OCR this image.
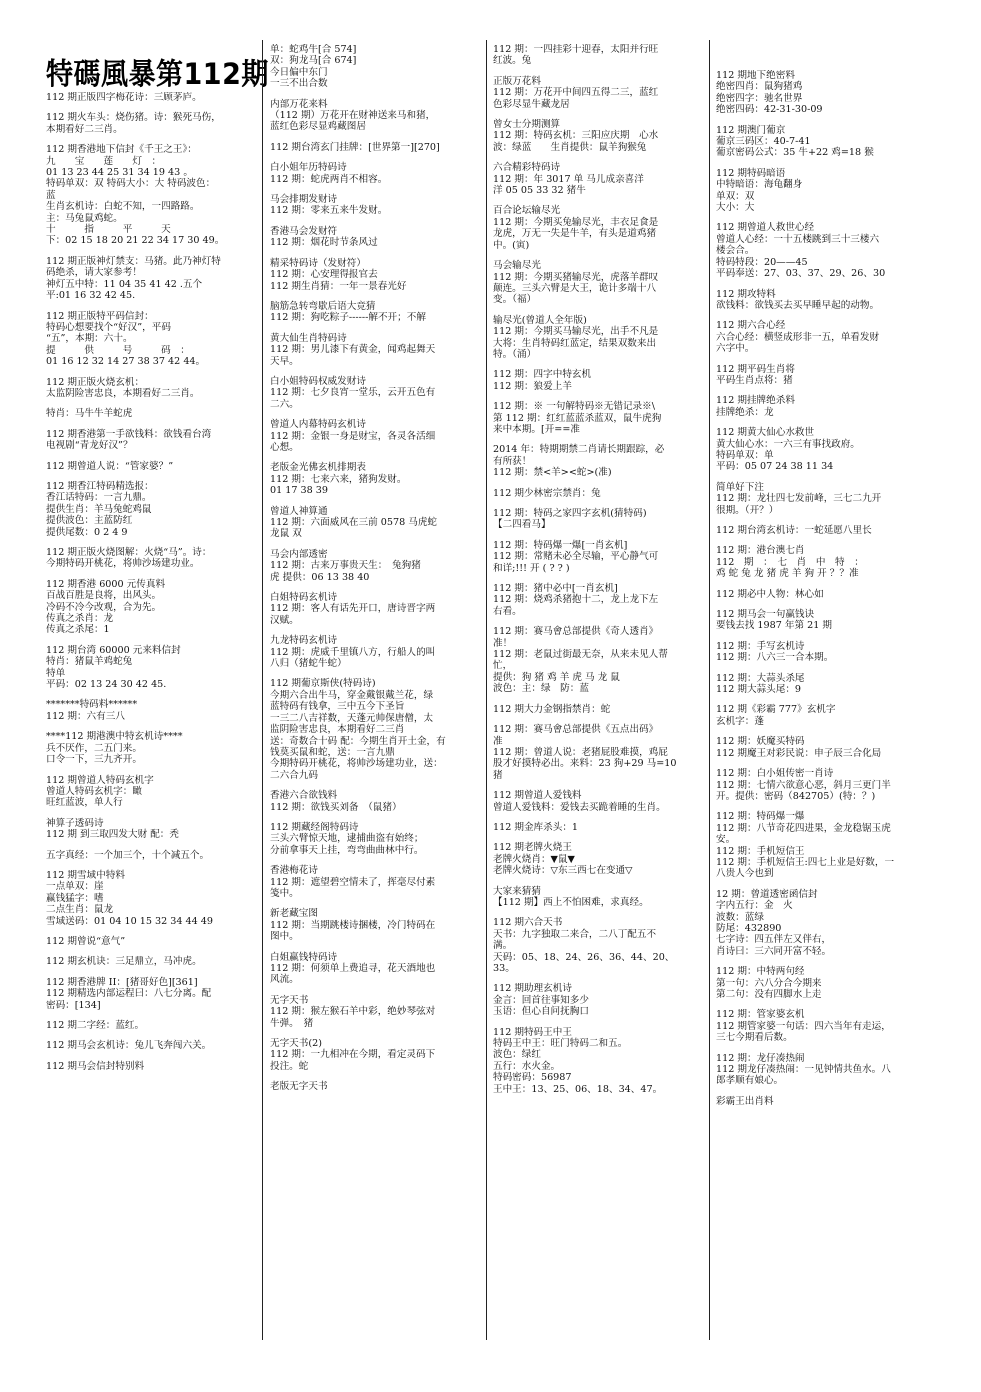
特碼風暴第112期
112 期正版四字梅花诗：三顾茅庐。
112 期火车头：烧伤猪。诗：猴死马伤，
本期看好二三肖。
112 期香港地下信封《千王之王》：
九　　宝　　莲　　灯　：
01 13 23 44 25 31 34 19 43 。
特码单双：双 特码大小：大 特码波色：
蓝
生肖玄机诗：白蛇不知，一四路路。
主：马兔鼠鸡蛇。
十　　　指　　　平　　　天
下：02 15 18 20 21 22 34 17 30 49。
112 期正版神灯禁支：马猪。此乃神灯特
码绝杀，请大家参考！
神灯五中特：11 04 35 41 42 .五个
平:01 16 32 42 45.
112 期正版特平码信封：
特码心想要找个“好汉”，平码
“五”，本期：六十。
提　　　供　　　号　　　码　：
01 16 12 32 14 27 38 37 42 44。
112 期正版火烧玄机：
太监阴险害忠良，本期看好二三肖。
特肖：马牛牛羊蛇虎
112 期香港第一手欲钱料：欲钱看台湾
电视剧“青龙好汉”？
112 期曾道人说：“管家婆？”
112 期香江特码精选报：
香江话特码：一言九鼎。
提供生肖：羊马兔蛇鸡鼠
提供波色：主蓝防红
提供尾数：0 2 4 9
112 期正版火烧图解：火烧“马”。诗：
今期特码开桃花，将帅沙场建功业。
112 期香港 6000 元传真料
百战百胜是良将，出风头。
冷码不冷今改观，合为先。
传真之杀肖：龙
传真之杀尾：1
112 期台湾 60000 元来料信封
特肖：猪鼠羊鸡蛇兔
特单
平码：02 13 24 30 42 45.
*******特码料******
112 期：六有三八
****112 期港澳中特玄机诗****
兵不厌作，二五门来。
口令一下，三九齐开。
112 期曾道人特码玄机字
曾道人特码玄机字：瞰
旺红蓝波，单人行
神算子透码诗
112 期 到三取四发大财 配：秃
五字真经：一个加三个，十个减五个。
112 期雪域中特料
一点单双：崖
赢钱猛字：嗜
二点生肖：鼠龙
雪域送码：01 04 10 15 32 34 44 49
112 期曾说“意气”
112 期玄机诀：三足鼎立，马冲虎。
112 期香港牌 II：[猪哥好色][361]
112 期精选内部运程曰：八七分离。配
密码：[134]
112 期二字经：蓝红。
112 期马会玄机诗：兔儿飞奔闯六关。
112 期马会信封特别料
单：蛇鸡牛[合 574]
双：狗龙马[合 674]
今日偏中东门
一三不出合数
内部万花来料
（112 期）万花开在财神送来马和猪，
蓝红色彩尽显鸡藏图居
112 期台湾玄门挂牌：[世界第一][270]
白小姐年历特码诗
112 期：蛇虎两肖不相容。
马会排期发财诗
112 期：零来五来牛发财。
香港马会发财符
112 期：烟花时节条风过
精采特码诗（发财符）
112 期：心安理得报官去
112 期生肖猜：一年一景春光好
脑筋急转弯歇后语大竞猜
112 期：狗吃粽子------解不开；不解
黄大仙生肖特码诗
112 期：男儿漆下有黄金，闻鸡起舞天
天早。
白小姐特码权威发财诗
112 期：七夕良宵一堂乐，云开五色有
二六。
曾道人内幕特码玄机诗
112 期：金银一身是财宝，各灵各活细
心想。
老版金光佛玄机排期表
112 期：七来六来，猪狗发财。
01 17 38 39
曾道人神算通
112 期：六面威风在三前 0578 马虎蛇
龙鼠 双
马会内部透密
112 期：古来万事贵天生：　兔狗猪
虎 提供：06 13 38 40
白姐特码玄机诗
112 期：客人有话先开口，唐诗晋字两
汉赋。
九龙特码玄机诗
112 期：虎威千里镇八方，行船人的叫
八归（猪蛇牛蛇）
112 期葡京斯侠(特码诗)
今期六合出牛马，穿金戴银戴兰花，绿
蓝特码有钱拿，三中五今下圣旨
一三二八吉祥数，天蓬元帅保唐僧，太
监阴险害忠良，本期看好二三肖
送：奇数合十码 配：今期生肖开土金，有
钱莫买鼠和蛇，送：一言九鼎
今期特码开桃花，将帅沙场建功业，送：
二六合九码
香港六合欲钱料
112 期：欲钱买刘备　（鼠猪）
112 期藏经阁特码诗
三头六臂惊天地，逮捕曲盗有始终；
分前拿事天上挂，弯弯曲曲林中行。
香港梅花诗
112 期：遮望碧空情未了，挥毫尽付素
笺中。
新老藏宝图
112 期：当期跳楼诗捆楼，冷门特码在
图中。
白姐赢钱特码诗
112 期：何须单上费追寻，花天酒地也
风流。
无字天书
112 期：猴左猴石羊中彩，绝妙琴弦对
牛弹。　猪
无字天书(2)
112 期：一九相冲在今期，看定灵码下
投注。蛇
老版无字天书
112 期：一四挂彩十迎春，太阳并行旺
红波。兔
正版万花料
112 期：万花开中间四五得二三，蓝红
色彩尽显牛藏龙居
曾女士分期测算
112 期：特码玄机：三阳应庆期　心水
波：绿蓝　　生肖提供：鼠羊狗猴兔
六合精彩特码诗
112 期：年 3017 单 马儿成亲喜洋
洋 05 05 33 32 猪牛
百合论坛输尽光
112 期：今期买兔输尽光，丰衣足食是
龙虎，万无一失是牛羊，有头是道鸡猪
中。(寅)
马会输尽光
112 期：今期买猪输尽光，虎落羊群叹
颠连。三头六臂是大王，诡计多端十八
变。（福）
输尽光(曾道人全年版)
112 期：今期买马输尽光，出手不凡是
大将：生肖特码红蓝定，结果双数来出
特。（涌）
112 期：四字中特玄机
112 期：狼爱上羊
112 期：※ 一句解特码※无错记录※\
第 112 期：红红蓝蓝杀蓝双，鼠牛虎狗
来中本期。[开==准
2014 年：特期期禁二肖请长期跟踪，必
有所获！
112 期：禁<羊><蛇>(准)
112 期少林密宗禁肖：兔
112 期：特码之家四字玄机(猜特码)
【二四看马】
112 期：特码爆一爆[一肖玄机]
112 期：常赌未必全尽输，平心静气可
和详;!!! 开 ( ? ? )
112 期：猪中必中[一肖玄机]
112 期：烧鸡杀猪抱十二，龙上龙下左
右看。
112 期：赛马會总部提供《奇人透肖》
准！
112 期：老鼠过街最无奈，从来未见人帮
忙，
提供：狗 猪 鸡 羊 虎 马 龙 鼠
波色：主：绿　防：蓝
112 期大力金钢指禁肖：蛇
112 期：赛马會总部提供《五点出码》
准
112 期：曾道人说：老猪屁股难摸，鸡屁
股才好摸特必出。来料：23 狗+29 马=10
猪
112 期曾道人爱钱料
曾道人爱钱料：爱钱去买跪着睡的生肖。
112 期金库杀头：1
112 期老牌火烧王
老牌火烧肖：▼鼠▼
老牌火烧诗：▽东三西七在变通▽
大家来猜猜
【112 期】西上不怕困难，求真经。
112 期六合天书
天书：九字独取二来合，二八丁配五不
满。
天码：05、18、24、26、36、44、20、
33。
112 期助理玄机诗
金言：回首往事知多少
玉语：但心自问抚胸口
112 期特码王中王
特码王中王：旺门特码二和五。
波色：绿红
五行：水火金。
特码密码：56987
王中王：13、25、06、18、34、47。
112 期地下绝密料
绝密四肖：鼠狗猪鸡
绝密四字：驰名世界
绝密四码：42-31-30-09
112 期澳门葡京
葡京三码区：40-7-41
葡京密码公式：35 牛+22 鸡=18 猴
112 期特码暗语
中特暗语：海龟翻身
单双：双
大小：大
112 期曾道人救世心经
曾道人心经：一十五楼跳到三十三楼六
楼会合。
特码特段：20——45
平码奉送：27、03、37、29、26、30
112 期攻特料
欲钱料：欲钱买去买早睡早起的动物。
112 期六合心经
六合心经：横竖成形非一五，单看发财
六字中。
112 期平码生肖将
平码生肖点将：猪
112 期挂牌绝杀料
挂牌绝杀：龙
112 期黄大仙心水救世
黄大仙心水：一六三有事找政府。
特码单双：单
平码：05 07 24 38 11 34
简单好下注
112 期：龙壮四七发前峰，三七二九开
很期。（开？）
112 期台湾玄机诗：一蛇延愿八里长
112 期：港台澳七肖
112　期　：　七　肖　中　特　：
鸡 蛇 兔 龙 猪 虎 羊 狗 开 ？？准
112 期必中人物：林心如
112 期马会一句赢钱诀
要钱去找 1987 年第 21 期
112 期：手写玄机诗
112 期：八六三一合本期。
112 期：大蒜头杀尾
112 期大蒜头尾：9
112 期《彩霸 777》玄机字
玄机字：蓬
112 期：妖魔买特码
112 期魔王对彩民说：申子辰三合化局
112 期：白小姐传密一肖诗
112 期：七情六欲意心恶，斜月三更门半
开。提供：密码（842705）(特：？)
112 期：特码爆一爆
112 期：八节奇花四进果，金龙稳锯玉虎
安。
112 期：手机短信王
112 期：手机短信王:四七上业是好数，一
八贵人今也到
12 期：曾道透密函信封
字内五行：金　火
波数：蓝绿
防尾：432890
七字诗：四五伴左又伴右，
肖诗曰：三六同开富不轻。
112 期：中特两句经
第一句：六八分合今期来
第二句：没有四脚水上走
112 期：管家婆玄机
112 期管家婆一句话：四六当年有走运，
三七今期看后数。
112 期：龙仔凑热闹
112 期龙仔凑热闹：一见钟情共鱼水。八
郎孝顺有娘心。
彩霸王出肖料
